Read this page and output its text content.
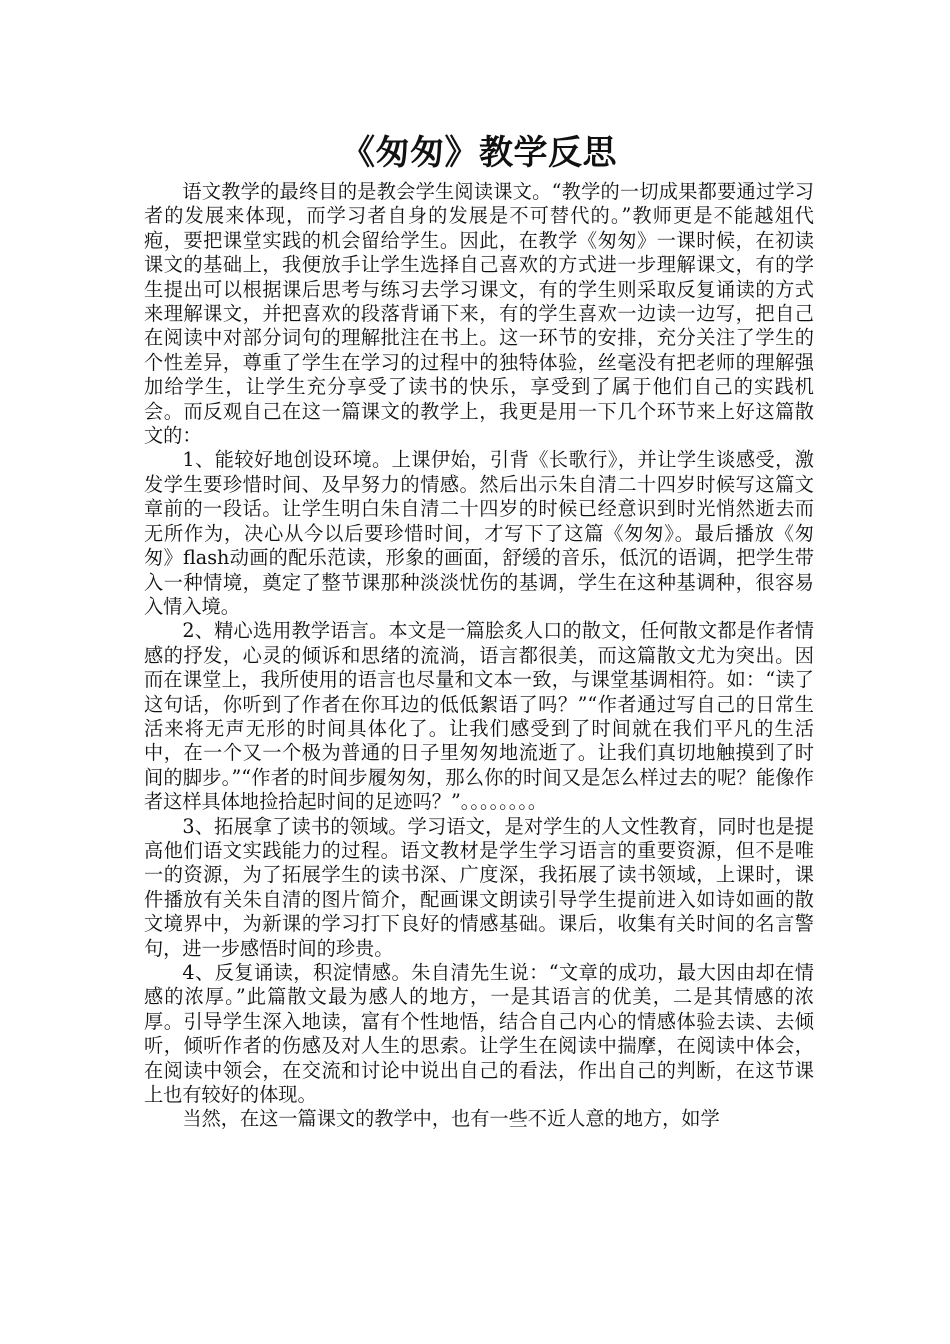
《匆匆》教学反思

语文教学的最终目的是教会学生阅读课文。“教学的一切成果都要通过学习者的发展来体现，而学习者自身的发展是不可替代的。”教师更是不能越俎代疱，要把课堂实践的机会留给学生。因此，在教学《匆匆》一课时候，在初读课文的基础上，我便放手让学生选择自己喜欢的方式进一步理解课文，有的学生提出可以根据课后思考与练习去学习课文，有的学生则采取反复诵读的方式来理解课文，并把喜欢的段落背诵下来，有的学生喜欢一边读一边写，把自己在阅读中对部分词句的理解批注在书上。这一环节的安排，充分关注了学生的个性差异，尊重了学生在学习的过程中的独特体验，丝毫没有把老师的理解强加给学生，让学生充分享受了读书的快乐，享受到了属于他们自己的实践机会。而反观自己在这一篇课文的教学上，我更是用一下几个环节来上好这篇散文的：

1、能较好地创设环境。上课伊始，引背《长歌行》，并让学生谈感受，激发学生要珍惜时间、及早努力的情感。然后出示朱自清二十四岁时候写这篇文章前的一段话。让学生明白朱自清二十四岁的时候已经意识到时光悄然逝去而无所作为，决心从今以后要珍惜时间，才写下了这篇《匆匆》。最后播放《匆匆》flash动画的配乐范读，形象的画面，舒缓的音乐，低沉的语调，把学生带入一种情境，奠定了整节课那种淡淡忧伤的基调，学生在这种基调种，很容易入情入境。

2、精心选用教学语言。本文是一篇脍炙人口的散文，任何散文都是作者情感的抒发，心灵的倾诉和思绪的流淌，语言都很美，而这篇散文尤为突出。因而在课堂上，我所使用的语言也尽量和文本一致，与课堂基调相符。如：“读了这句话，你听到了作者在你耳边的低低絮语了吗？”“作者通过写自己的日常生活来将无声无形的时间具体化了。让我们感受到了时间就在我们平凡的生活中，在一个又一个极为普通的日子里匆匆地流逝了。让我们真切地触摸到了时间的脚步。”“作者的时间步履匆匆，那么你的时间又是怎么样过去的呢？能像作者这样具体地捡拾起时间的足迹吗？”。。。。。。。。

3、拓展拿了读书的领域。学习语文，是对学生的人文性教育，同时也是提高他们语文实践能力的过程。语文教材是学生学习语言的重要资源，但不是唯一的资源，为了拓展学生的读书深、广度深，我拓展了读书领域，上课时，课件播放有关朱自清的图片简介，配画课文朗读引导学生提前进入如诗如画的散文境界中，为新课的学习打下良好的情感基础。课后，收集有关时间的名言警句，进一步感悟时间的珍贵。

4、反复诵读，积淀情感。朱自清先生说：“文章的成功，最大因由却在情感的浓厚。”此篇散文最为感人的地方，一是其语言的优美，二是其情感的浓厚。引导学生深入地读，富有个性地悟，结合自己内心的情感体验去读、去倾听，倾听作者的伤感及对人生的思索。让学生在阅读中揣摩，在阅读中体会，在阅读中领会，在交流和讨论中说出自己的看法，作出自己的判断，在这节课上也有较好的体现。

当然，在这一篇课文的教学中，也有一些不近人意的地方，如学
